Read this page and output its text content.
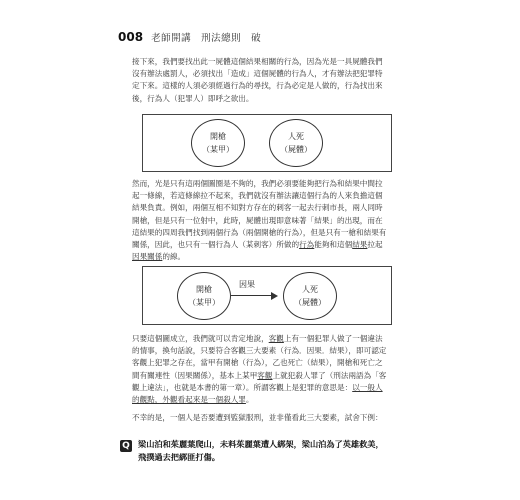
008 老師開講　刑法總則　破

接下來，我們要找出此一屍體這個結果相關的行為，因為光是一具屍體我們沒有辦法處罰人，必須找出「造成」這個屍體的行為人，才有辦法把犯罪特定下來。這樣的人須必須經過行為的尋找，行為必定是人做的，行為找出來後，行為人（犯罪人）即呼之欲出。

開槍
（某甲）
人死
（屍體）

然而，光是只有這兩個圖圈是不夠的，我們必須要能夠把行為和結果中間拉起一條線，若這條線拉不起來，我們就沒有辦法讓這個行為的人來負擔這個結果負責。例如，兩個互相不知對方存在的刺客一起去行刺市長，兩人同時開槍，但是只有一位射中，此時，屍體出現即意味著「結果」的出現，而在這結果的四周我們找到兩個行為（兩個開槍的行為），但是只有一槍和結果有關係，因此，也只有一個行為人（某刺客）所做的行為能夠和這個結果拉起因果關係的線。

開槍
（某甲）
因果
人死
（屍體）

只要這個圖成立，我們就可以肯定地說，客觀上有一個犯罪人做了一個違法的情事，換句話說，只要符合客觀三大要素（行為．因果．結果），即可認定客觀上犯罪之存在，當甲有開槍（行為），乙也死亡（結果），開槍和死亡之間有關連性（因果關係），基本上某甲客觀上就犯殺人罪了（刑法兩語為「客觀上違法」，也就是本書的第一章）。所謂客觀上是犯罪的意思是：以一般人的觀點，外觀看起來是一個殺人罪。

不幸的是，一個人是否要遭到監獄服刑，並非僅看此三大要素，試舍下例：

Q 梁山泊和茱麗葉爬山，未料茱麗葉遭人綁架，梁山泊為了英雄救美，飛撲過去把綁匪打傷。
